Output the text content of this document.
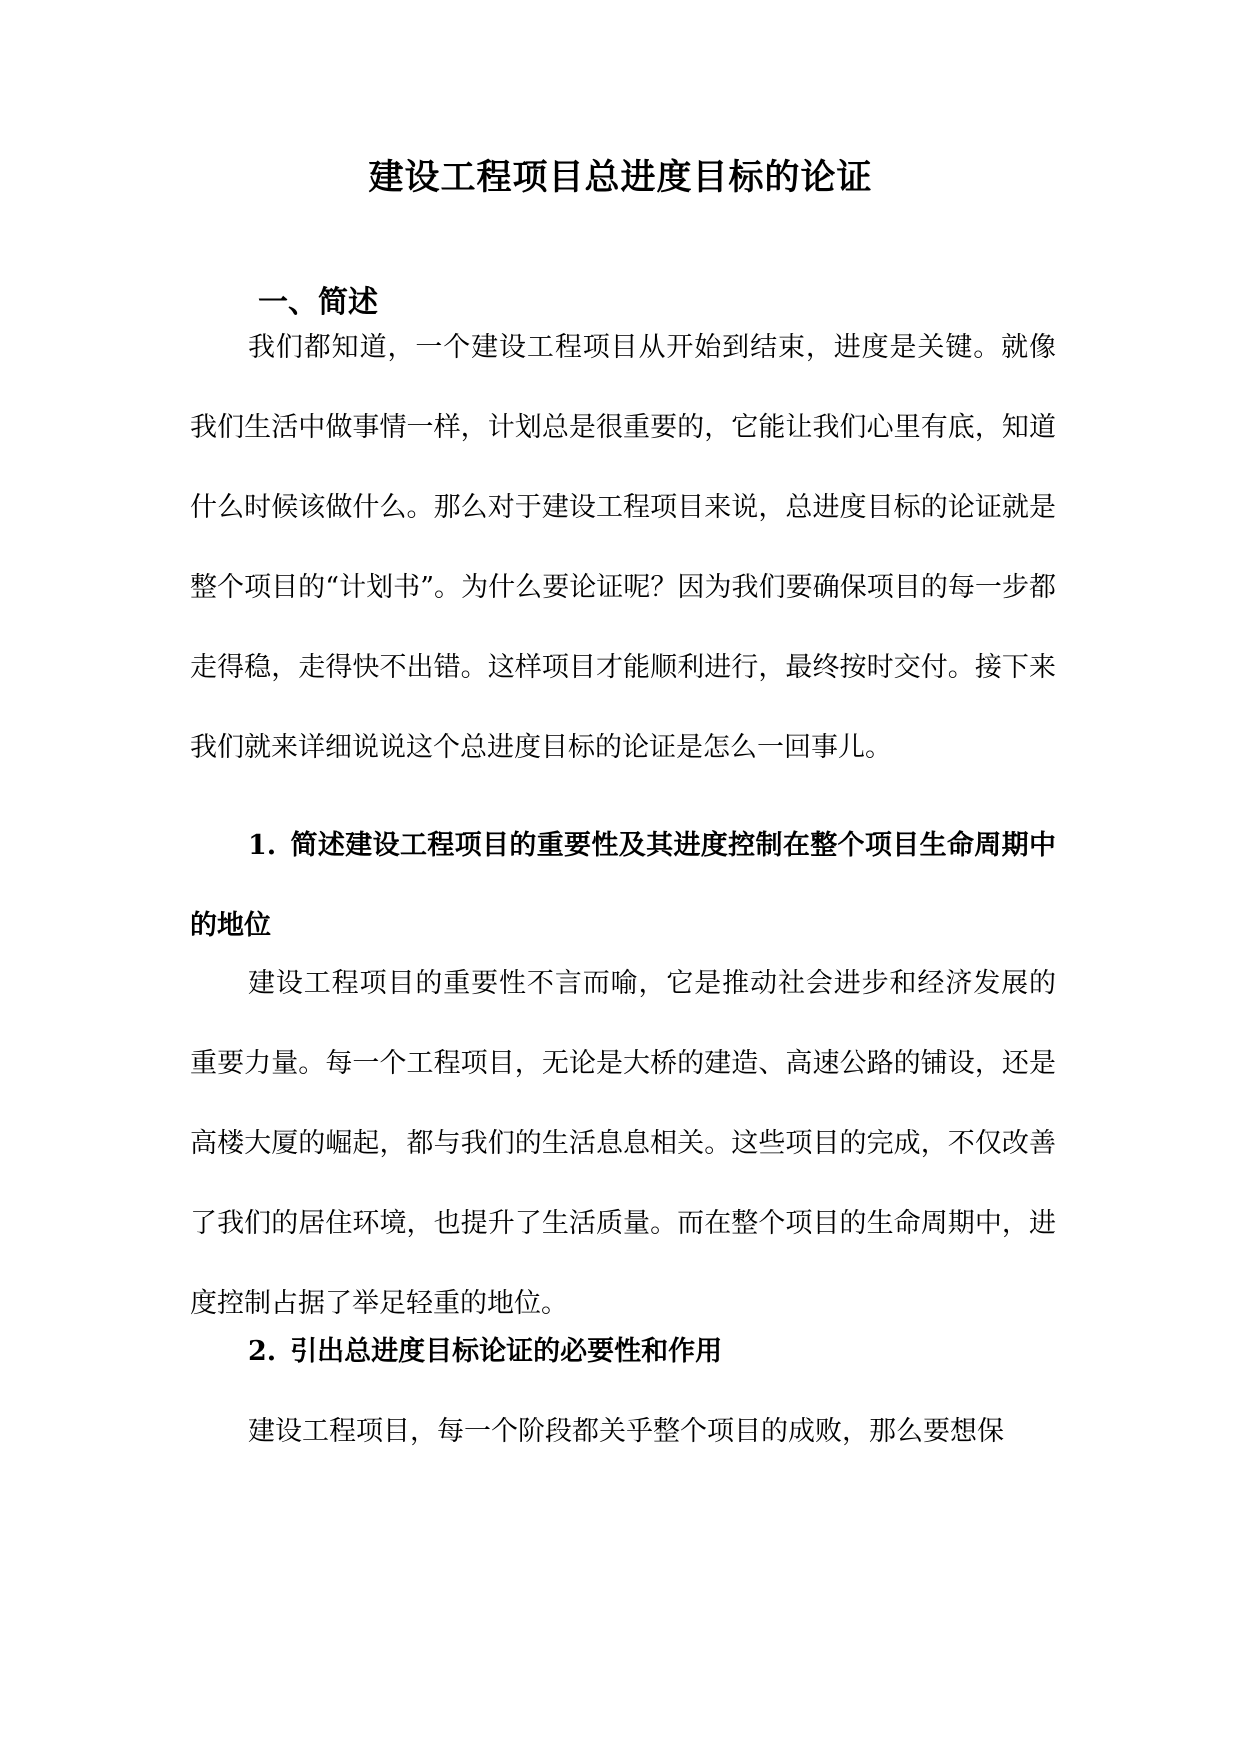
建设工程项目总进度目标的论证
一、简述

我们都知道，一个建设工程项目从开始到结束，进度是关键。就像我们生活中做事情一样，计划总是很重要的，它能让我们心里有底，知道什么时候该做什么。那么对于建设工程项目来说，总进度目标的论证就是整个项目的“计划书”。为什么要论证呢？因为我们要确保项目的每一步都走得稳，走得快不出错。这样项目才能顺利进行，最终按时交付。接下来我们就来详细说说这个总进度目标的论证是怎么一回事儿。

1. 简述建设工程项目的重要性及其进度控制在整个项目生命周期中的地位

建设工程项目的重要性不言而喻，它是推动社会进步和经济发展的重要力量。每一个工程项目，无论是大桥的建造、高速公路的铺设，还是高楼大厦的崛起，都与我们的生活息息相关。这些项目的完成，不仅改善了我们的居住环境，也提升了生活质量。而在整个项目的生命周期中，进度控制占据了举足轻重的地位。

2. 引出总进度目标论证的必要性和作用

建设工程项目，每一个阶段都关乎整个项目的成败，那么要想保
